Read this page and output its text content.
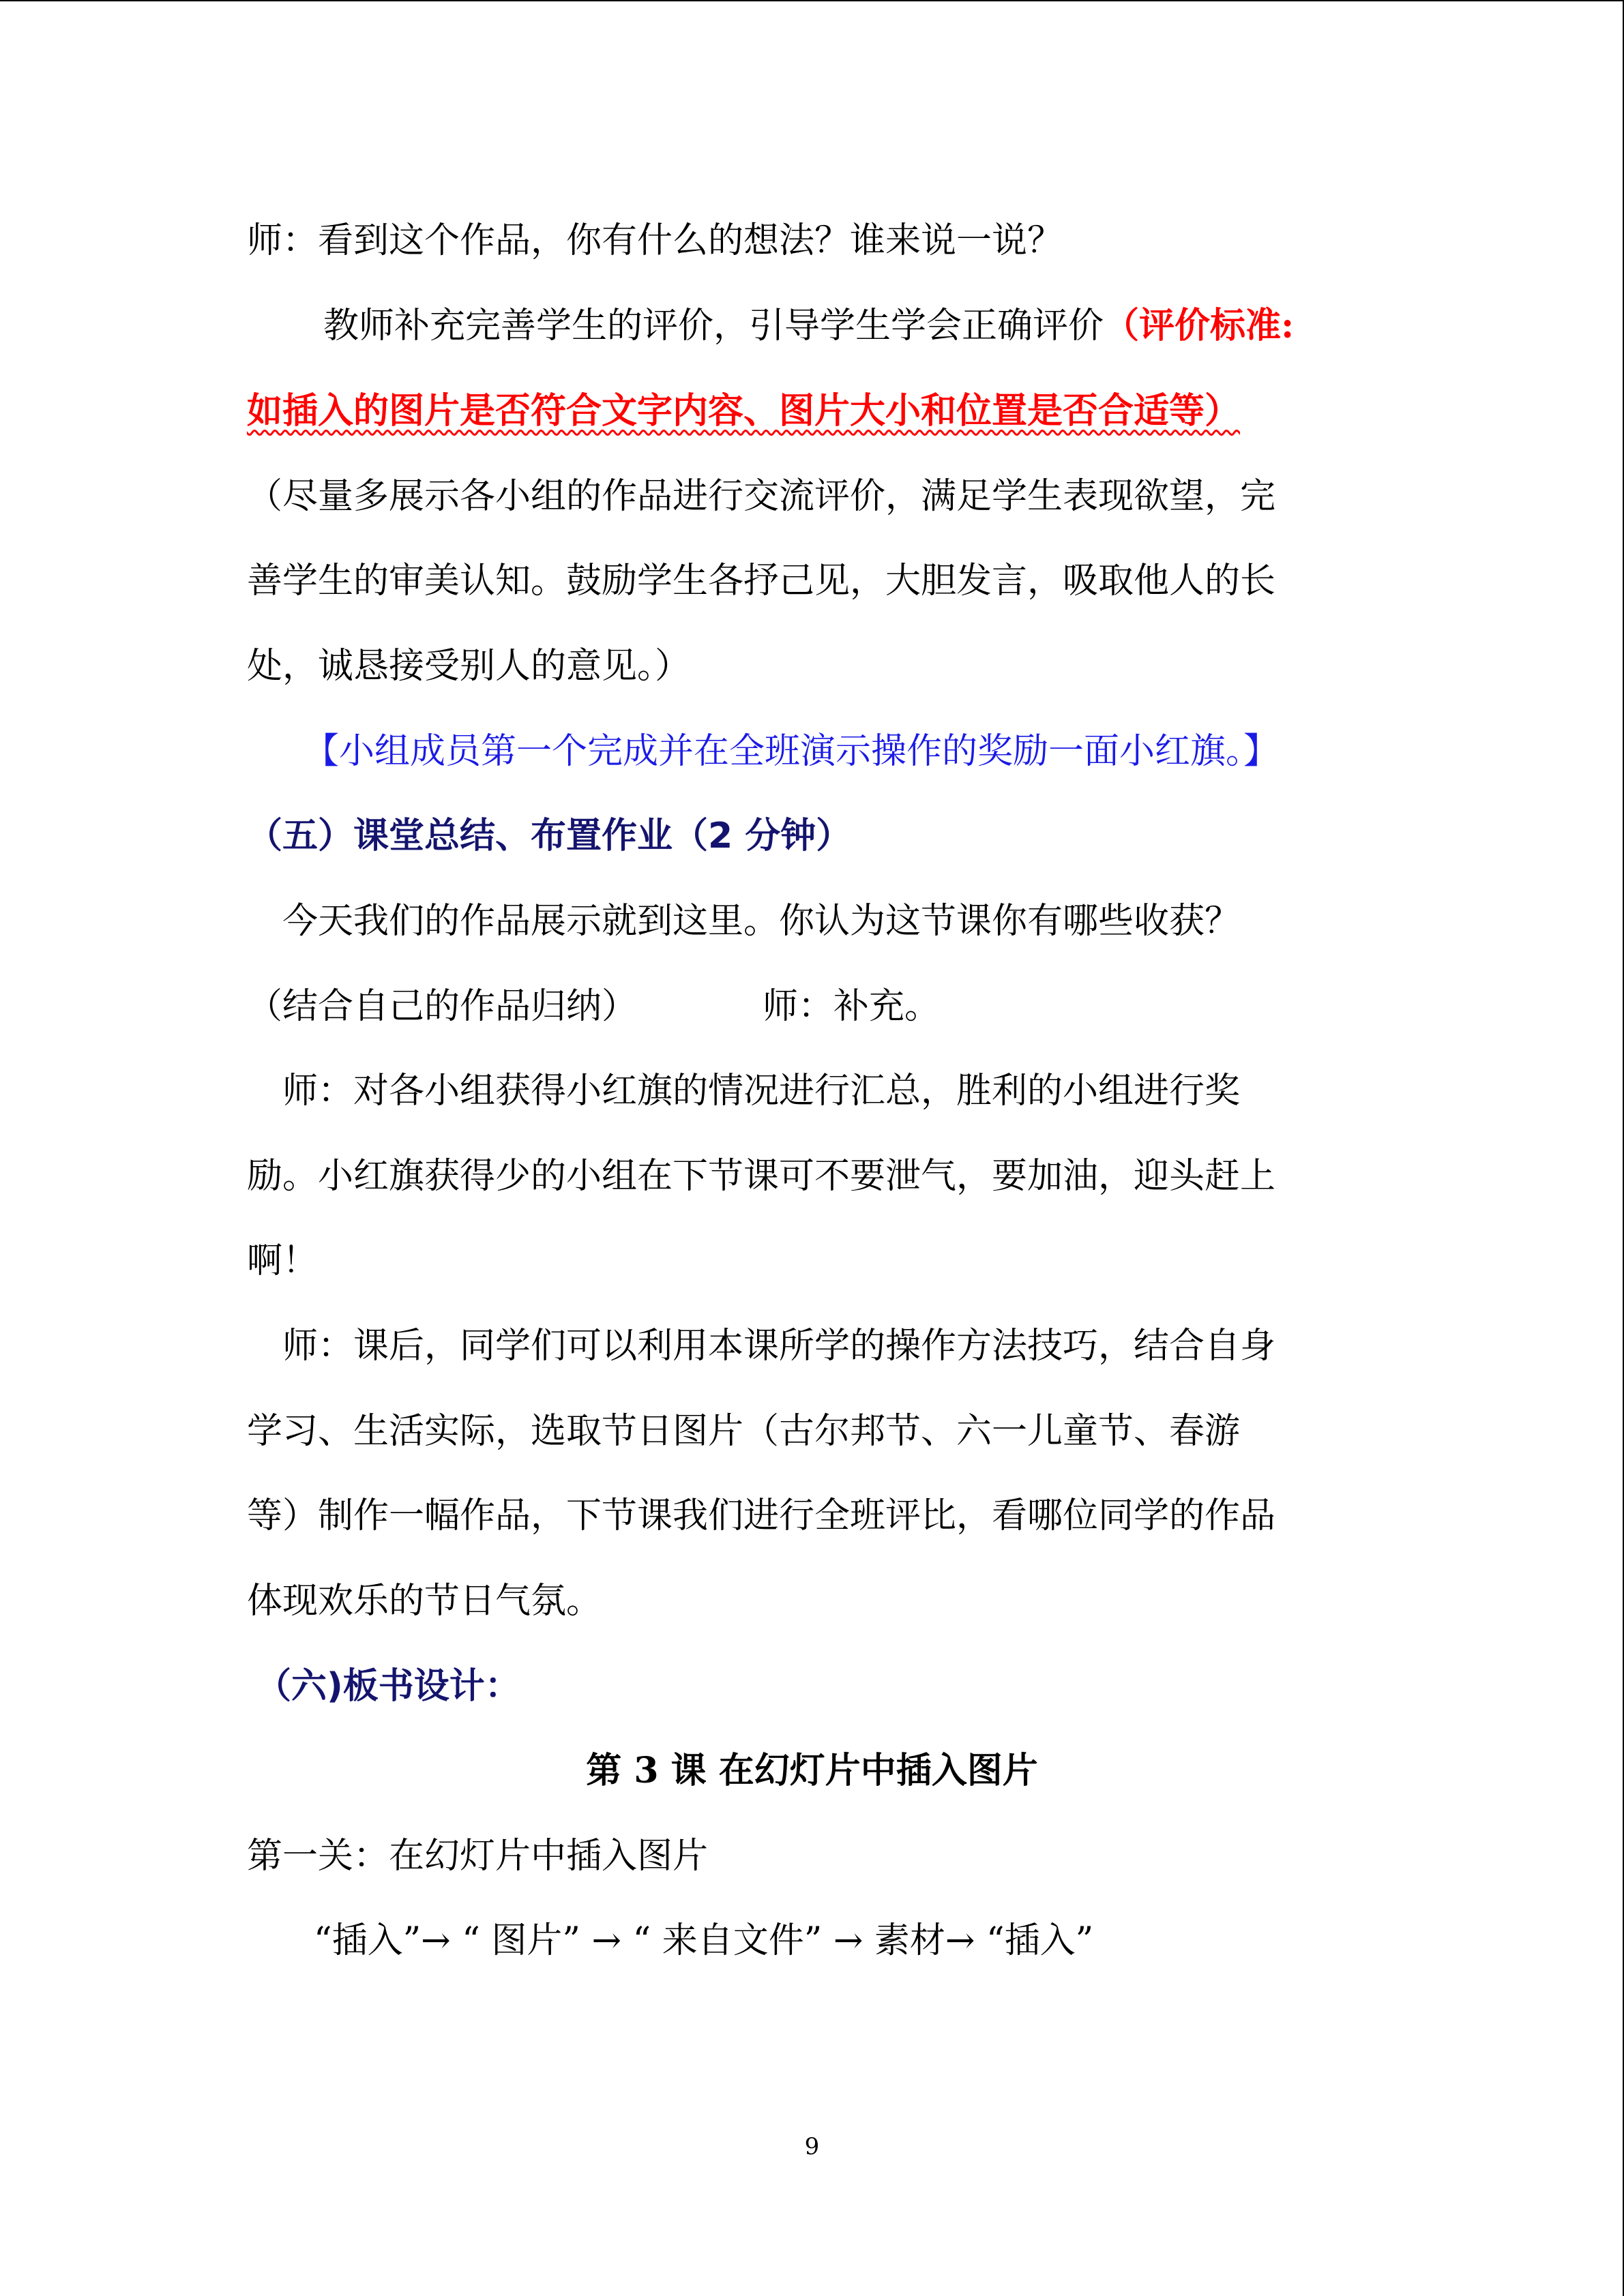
师：看到这个作品，你有什么的想法？谁来说一说？
教师补充完善学生的评价，引导学生学会正确评价（评价标准:
如插入的图片是否符合文字内容、图片大小和位置是否合适等）
（尽量多展示各小组的作品进行交流评价，满足学生表现欲望，完
善学生的审美认知。鼓励学生各抒己见，大胆发言，吸取他人的长
处，诚恳接受别人的意见。）
【小组成员第一个完成并在全班演示操作的奖励一面小红旗。】
（五）课堂总结、布置作业（2 分钟）
今天我们的作品展示就到这里。你认为这节课你有哪些收获？
（结合自己的作品归纳）	师：补充。
师：对各小组获得小红旗的情况进行汇总，胜利的小组进行奖
励。小红旗获得少的小组在下节课可不要泄气，要加油，迎头赶上
啊！
师：课后，同学们可以利用本课所学的操作方法技巧，结合自身
学习、生活实际，选取节日图片（古尔邦节、六一儿童节、春游
等）制作一幅作品，下节课我们进行全班评比，看哪位同学的作品
体现欢乐的节日气氛。
（六)板书设计：
第 3 课 在幻灯片中插入图片
第一关：在幻灯片中插入图片
“插入”→ “ 图片” → “ 来自文件” → 素材→ “插入”
9
